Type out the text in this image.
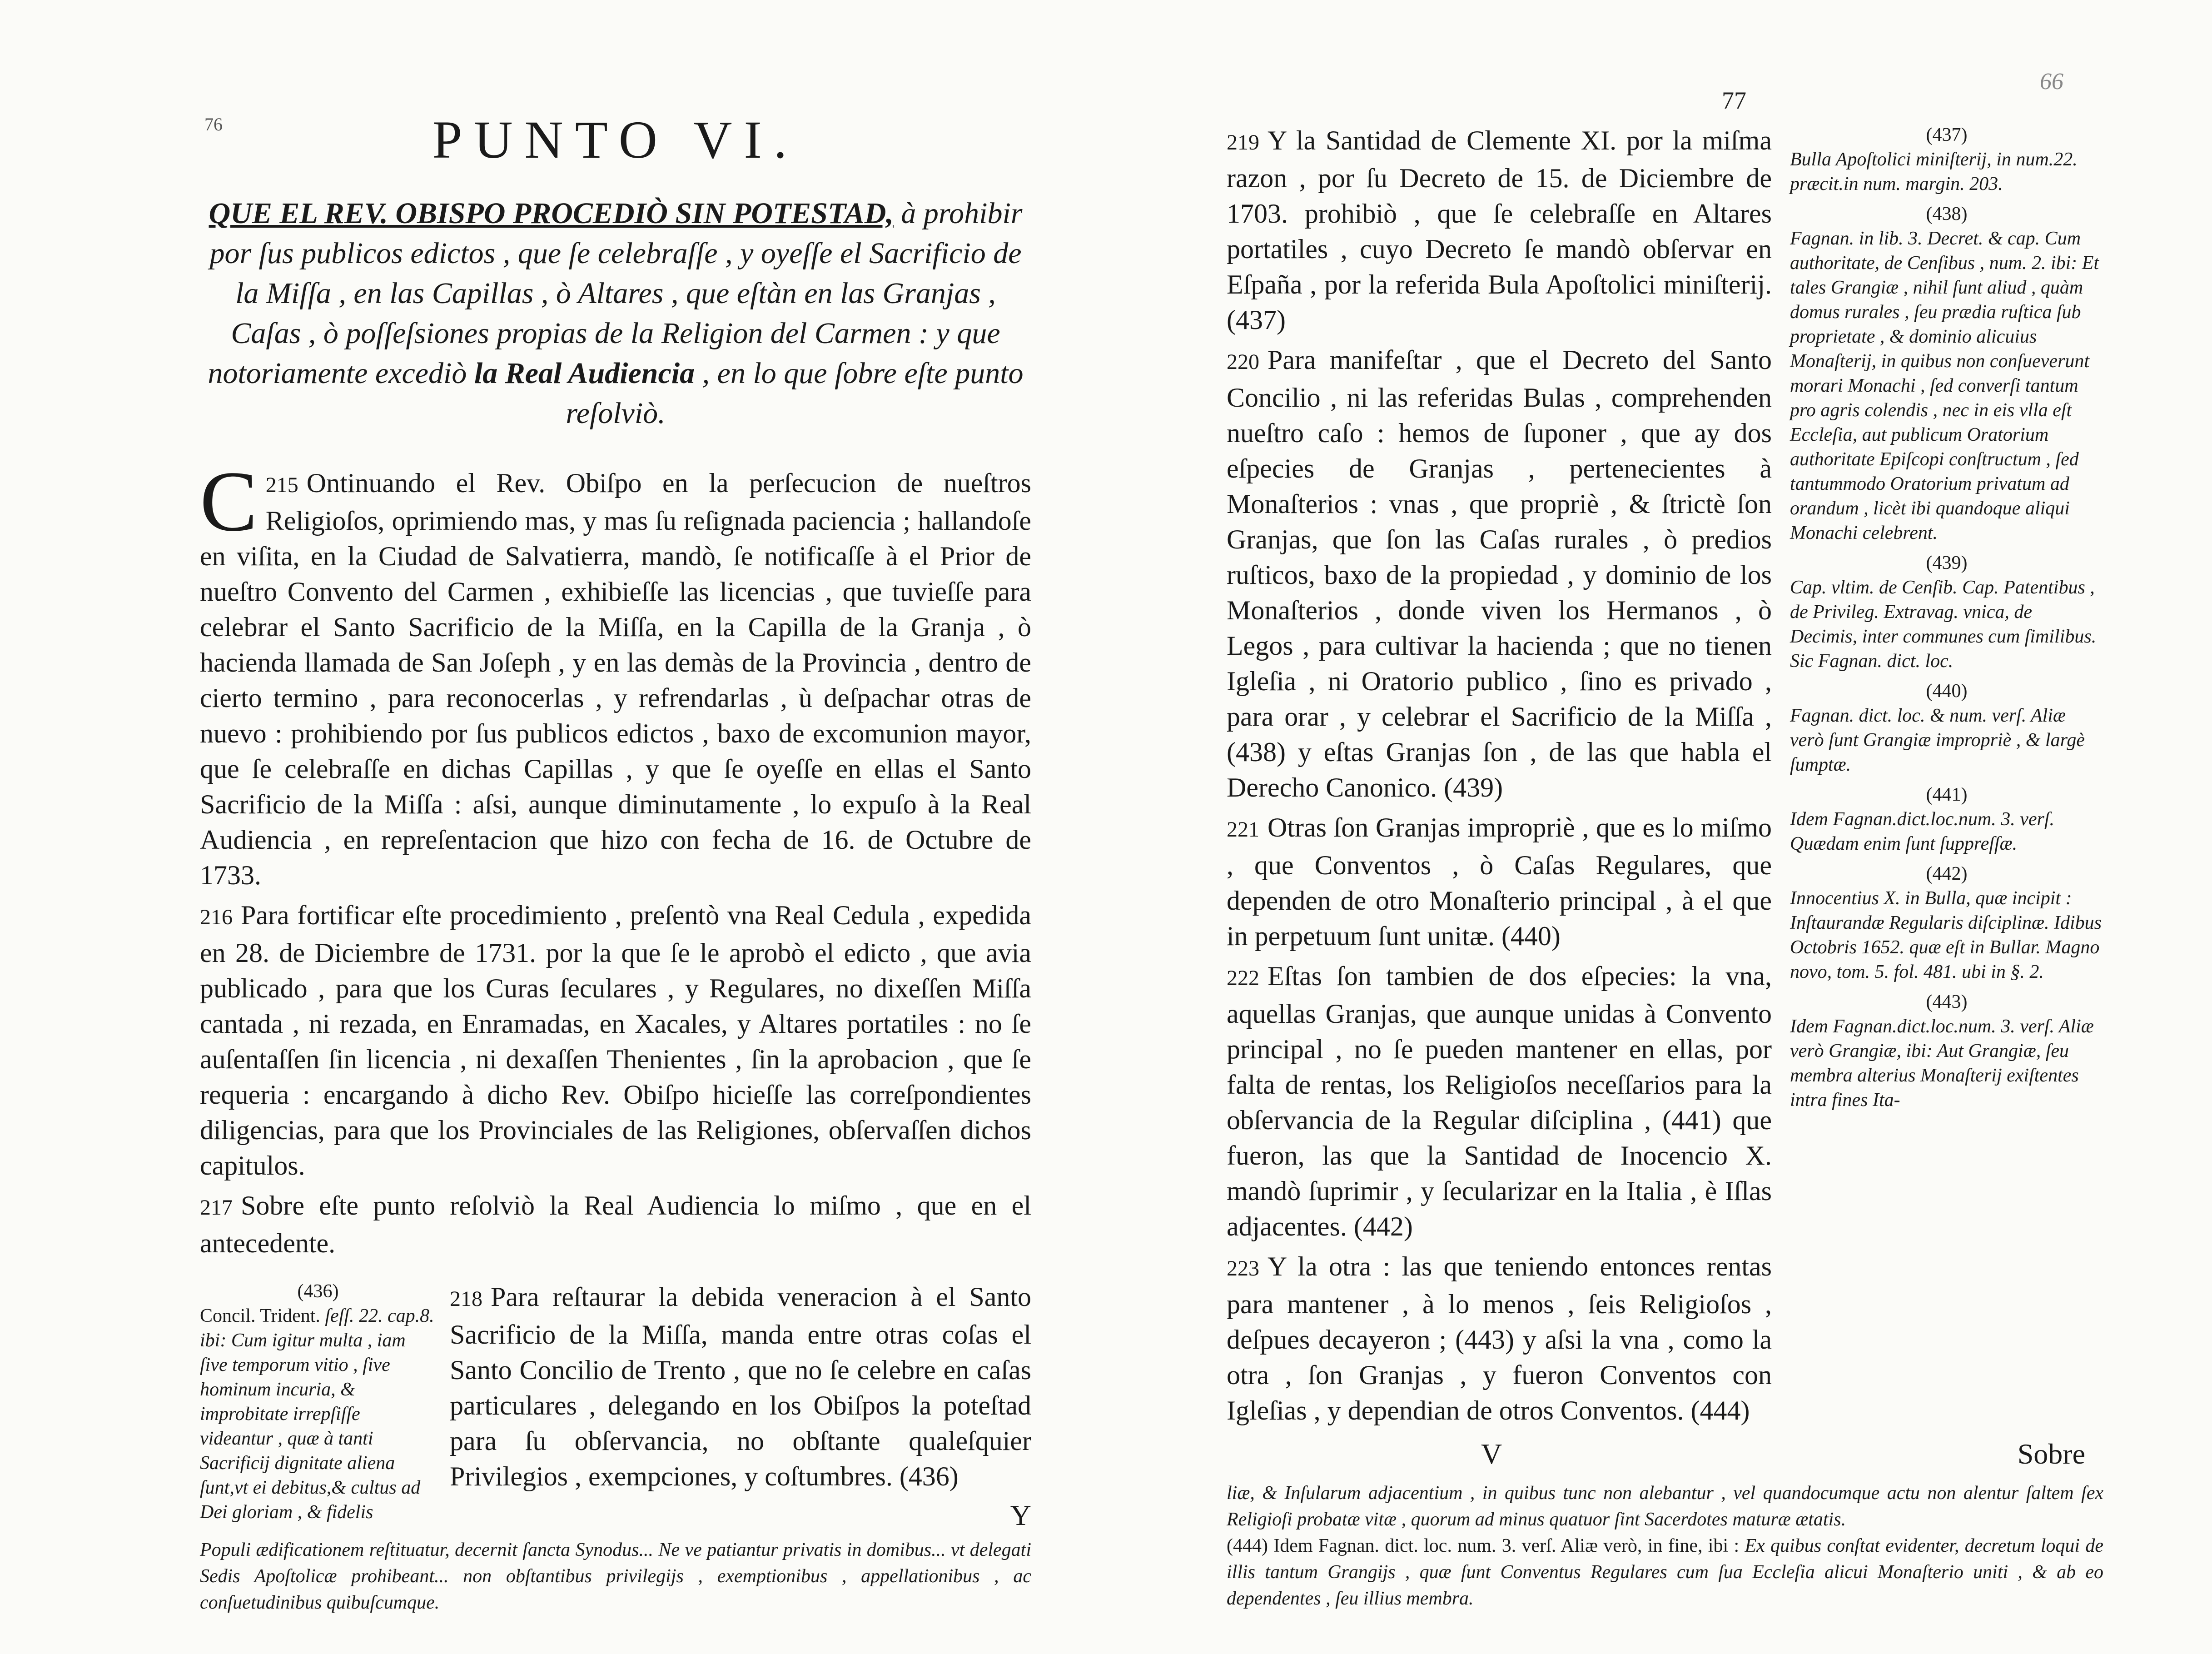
76	PUNTO VI.

QUE EL REV. OBISPO PROCEDIÒ SIN POTESTAD, à prohibir por ſus publicos edictos , que ſe celebraſſe , y oyeſſe el Sacrificio de la Miſſa , en las Capillas , ò Altares , que eſtàn en las Granjas , Caſas , ò poſſeſsiones propias de la Religion del Carmen : y que notoriamente excediò la Real Audiencia , en lo que ſobre eſte punto reſolviò.

215
C Ontinuando el Rev. Obiſpo en la perſecucion de nueſtros Religioſos, oprimiendo mas, y mas ſu reſignada paciencia ; hallandoſe en viſita, en la Ciudad de Salvatierra, mandò, ſe notificaſſe à el Prior de nueſtro Convento del Carmen , exhibieſſe las licencias , que tuvieſſe para celebrar el Santo Sacrificio de la Miſſa, en la Capilla de la Granja , ò hacienda llamada de San Joſeph , y en las demàs de la Provincia , dentro de cierto termino , para reconocerlas , y refrendarlas , ù deſpachar otras de nuevo : prohibiendo por ſus publicos edictos , baxo de excomunion mayor, que ſe celebraſſe en dichas Capillas , y que ſe oyeſſe en ellas el Santo Sacrificio de la Miſſa : aſsi, aunque diminutamente , lo expuſo à la Real Audiencia , en repreſentacion que hizo con fecha de 16. de Octubre de 1733.

216 Para fortificar eſte procedimiento , preſentò vna Real Cedula , expedida en 28. de Diciembre de 1731. por la que ſe le aprobò el edicto , que avia publicado , para que los Curas ſeculares , y Regulares, no dixeſſen Miſſa cantada , ni rezada, en Enramadas, en Xacales, y Altares portatiles : no ſe auſentaſſen ſin licencia , ni dexaſſen Thenientes , ſin la aprobacion , que ſe requeria : encargando à dicho Rev. Obiſpo hicieſſe las correſpondientes diligencias, para que los Provinciales de las Religiones, obſervaſſen dichos capitulos.

217 Sobre eſte punto reſolviò la Real Audiencia lo miſmo , que en el antecedente.

(436)
Concil. Trident. ſeſſ. 22. cap.8. ibi: Cum igitur multa , iam ſive temporum vitio , ſive hominum incuria, & improbitate irrepſiſſe videantur , quæ à tanti Sacrificij dignitate aliena ſunt,vt ei debitus,& cultus ad Dei gloriam , & fidelis

218 Para reſtaurar la debida veneracion à el Santo Sacrificio de la Miſſa, manda entre otras coſas el Santo Concilio de Trento , que no ſe celebre en caſas particulares , delegando en los Obiſpos la poteſtad para ſu obſervancia, no obſtante qualeſquier Privilegios , exempciones, y coſtumbres. (436)

Y

Populi ædificationem reſtituatur, decernit ſancta Synodus... Ne ve patiantur privatis in domibus... vt delegati Sedis Apoſtolicæ prohibeant... non obſtantibus privilegijs , exemptionibus , appellationibus , ac conſuetudinibus quibuſcumque.

219 Y la Santidad de Clemente XI. por la miſma razon , por ſu Decreto de 15. de Diciembre de 1703. prohibiò , que ſe celebraſſe en Altares portatiles , cuyo Decreto ſe mandò obſervar en Eſpaña , por la referida Bula Apoſtolici miniſterij. (437)

220 Para manifeſtar , que el Decreto del Santo Concilio , ni las referidas Bulas , comprehenden nueſtro caſo : hemos de ſuponer , que ay dos eſpecies de Granjas , pertenecientes à Monaſterios : vnas , que propriè , & ſtrictè ſon Granjas, que ſon las Caſas rurales , ò predios ruſticos, baxo de la propiedad , y dominio de los Monaſterios , donde viven los Hermanos , ò Legos , para cultivar la hacienda ; que no tienen Igleſia , ni Oratorio publico , ſino es privado , para orar , y celebrar el Sacrificio de la Miſſa , (438) y eſtas Granjas ſon , de las que habla el Derecho Canonico. (439)

221 Otras ſon Granjas impropriè , que es lo miſmo , que Conventos , ò Caſas Regulares, que dependen de otro Monaſterio principal , à el que in perpetuum ſunt unitæ. (440)

222 Eſtas ſon tambien de dos eſpecies: la vna, aquellas Granjas, que aunque unidas à Convento principal , no ſe pueden mantener en ellas, por falta de rentas, los Religioſos neceſſarios para la obſervancia de la Regular diſciplina , (441) que fueron, las que la Santidad de Inocencio X. mandò ſuprimir , y ſecularizar en la Italia , è Iſlas adjacentes. (442)

223 Y la otra : las que teniendo entonces rentas para mantener , à lo menos , ſeis Religioſos , deſpues decayeron ; (443) y aſsi la vna , como la otra , ſon Granjas , y fueron Conventos con Igleſias , y dependian de otros Conventos. (444)

(437)
Bulla Apoſtolici miniſterij, in num.22. præcit.in num. margin. 203.
(438)
Fagnan. in lib. 3. Decret. & cap. Cum authoritate, de Cenſibus , num. 2. ibi: Et tales Grangiæ , nihil ſunt aliud , quàm domus rurales , ſeu prædia ruſtica ſub proprietate , & dominio alicuius Monaſterij, in quibus non conſueverunt morari Monachi , ſed converſi tantum pro agris colendis , nec in eis vlla eſt Eccleſia, aut publicum Oratorium authoritate Epiſcopi conſtructum , ſed tantummodo Oratorium privatum ad orandum , licèt ibi quandoque aliqui Monachi celebrent.
(439)
Cap. vltim. de Cenſib. Cap. Patentibus , de Privileg. Extravag. vnica, de Decimis, inter communes cum ſimilibus. Sic Fagnan. dict. loc.
(440)
Fagnan. dict. loc. & num. verſ. Aliæ verò ſunt Grangiæ impropriè , & largè ſumptæ.
(441)
Idem Fagnan.dict.loc.num. 3. verſ. Quædam enim ſunt ſuppreſſæ.
(442)
Innocentius X. in Bulla, quæ incipit : Inſtaurandæ Regularis diſciplinæ. Idibus Octobris 1652. quæ eſt in Bullar. Magno novo, tom. 5. fol. 481. ubi in §. 2.
(443)
Idem Fagnan.dict.loc.num. 3. verſ. Aliæ verò Grangiæ, ibi: Aut Grangiæ, ſeu membra alterius Monaſterij exiſtentes intra fines Ita-
V	Sobre

liæ, & Inſularum adjacentium , in quibus tunc non alebantur , vel quandocumque actu non alentur ſaltem ſex Religioſi probatæ vitæ , quorum ad minus quatuor ſint Sacerdotes maturæ ætatis.
(444) Idem Fagnan. dict. loc. num. 3. verſ. Aliæ verò, in fine, ibi : Ex quibus conſtat evidenter, decretum loqui de illis tantum Grangijs , quæ ſunt Conventus Regulares cum ſua Eccleſia alicui Monaſterio uniti , & ab eo dependentes , ſeu illius membra.

77
66
